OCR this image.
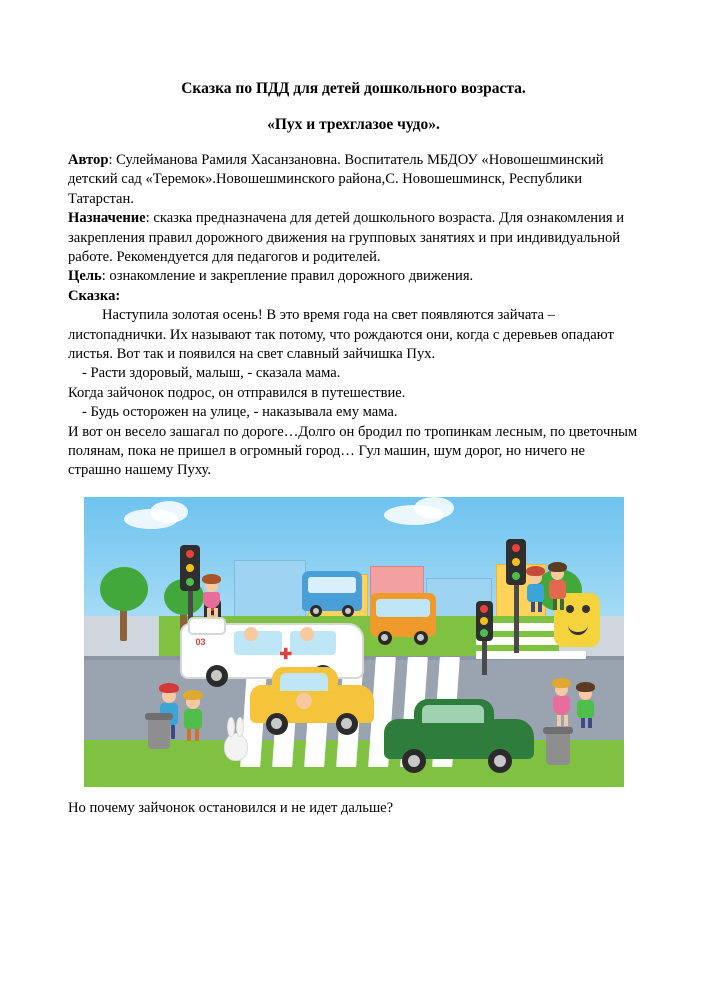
Сказка по ПДД для детей дошкольного возраста.
«Пух и трехглазое чудо».

Автор: Сулейманова Рамиля Хасанзановна. Воспитатель МБДОУ «Новошешминский детский сад «Теремок».Новошешминского района,С. Новошешминск, Республики Татарстан.

Назначение: сказка предназначена для детей дошкольного возраста. Для ознакомления и закрепления правил дорожного движения на групповых занятиях и при индивидуальной работе. Рекомендуется для педагогов и родителей.

Цель: ознакомление и закрепление правил дорожного движения.

Сказка:

Наступила золотая осень! В это время года на свет появляются зайчата – листопаднички. Их называют так потому, что рождаются они, когда с деревьев опадают листья. Вот так и появился на свет славный зайчишка Пух.

- Расти здоровый, малыш, - сказала мама.

Когда зайчонок подрос, он отправился в путешествие.

- Будь осторожен на улице, - наказывала ему мама.

И вот он весело зашагал по дороге…Долго он бродил по тропинкам лесным, по цветочным полянам, пока не пришел в огромный город… Гул машин, шум дорог, но ничего не страшно нашему Пуху.

03
✚

Но почему зайчонок остановился и не идет дальше?
